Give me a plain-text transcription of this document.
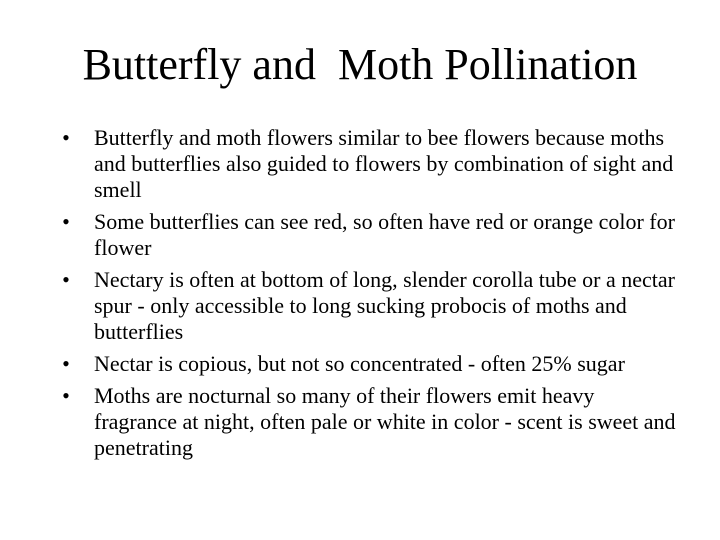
Butterfly and  Moth Pollination
• Butterfly and moth flowers similar to bee flowers because moths and butterflies also guided to flowers by combination of sight and smell
• Some butterflies can see red, so often have red or orange color for flower
• Nectary is often at bottom of long, slender corolla tube or a nectar spur - only accessible to long sucking probocis of moths and butterflies
• Nectar is copious, but not so concentrated - often 25% sugar
• Moths are nocturnal so many of their flowers emit heavy fragrance at night, often pale or white in color - scent is sweet and penetrating
